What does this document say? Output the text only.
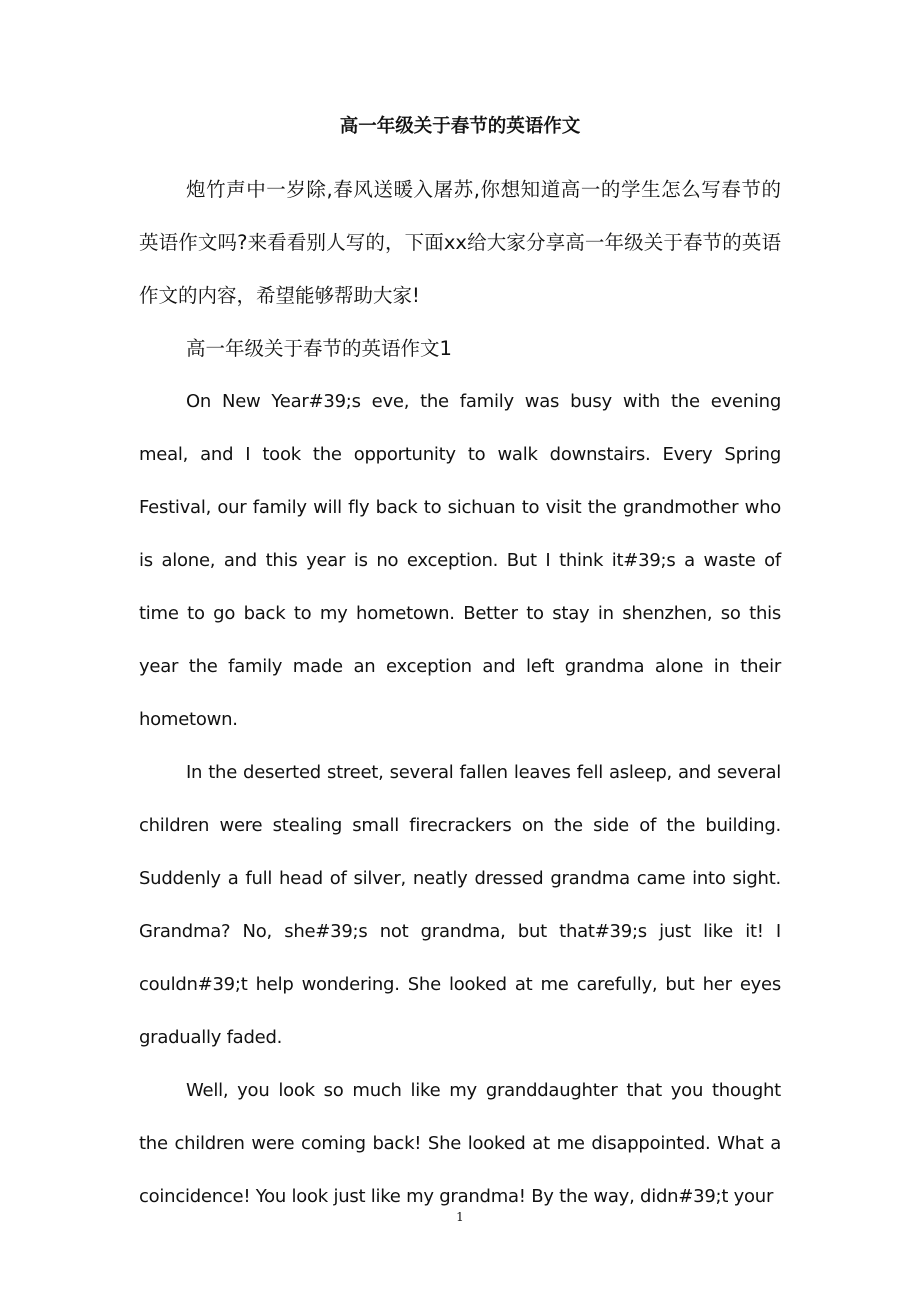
高一年级关于春节的英语作文

炮竹声中一岁除,春风送暖入屠苏,你想知道高一的学生怎么写春节的英语作文吗?来看看别人写的，下面xx给大家分享高一年级关于春节的英语作文的内容，希望能够帮助大家!

高一年级关于春节的英语作文1

On New Year#39;s eve, the family was busy with the evening meal, and I took the opportunity to walk downstairs. Every Spring Festival, our family will fly back to sichuan to visit the grandmother who is alone, and this year is no exception. But I think it#39;s a waste of time to go back to my hometown. Better to stay in shenzhen, so this year the family made an exception and left grandma alone in their hometown.

In the deserted street, several fallen leaves fell asleep, and several children were stealing small firecrackers on the side of the building. Suddenly a full head of silver, neatly dressed grandma came into sight. Grandma? No, she#39;s not grandma, but that#39;s just like it! I couldn#39;t help wondering. She looked at me carefully, but her eyes gradually faded.

Well, you look so much like my granddaughter that you thought the children were coming back! She looked at me disappointed. What a coincidence! You look just like my grandma! By the way, didn#39;t your

1
